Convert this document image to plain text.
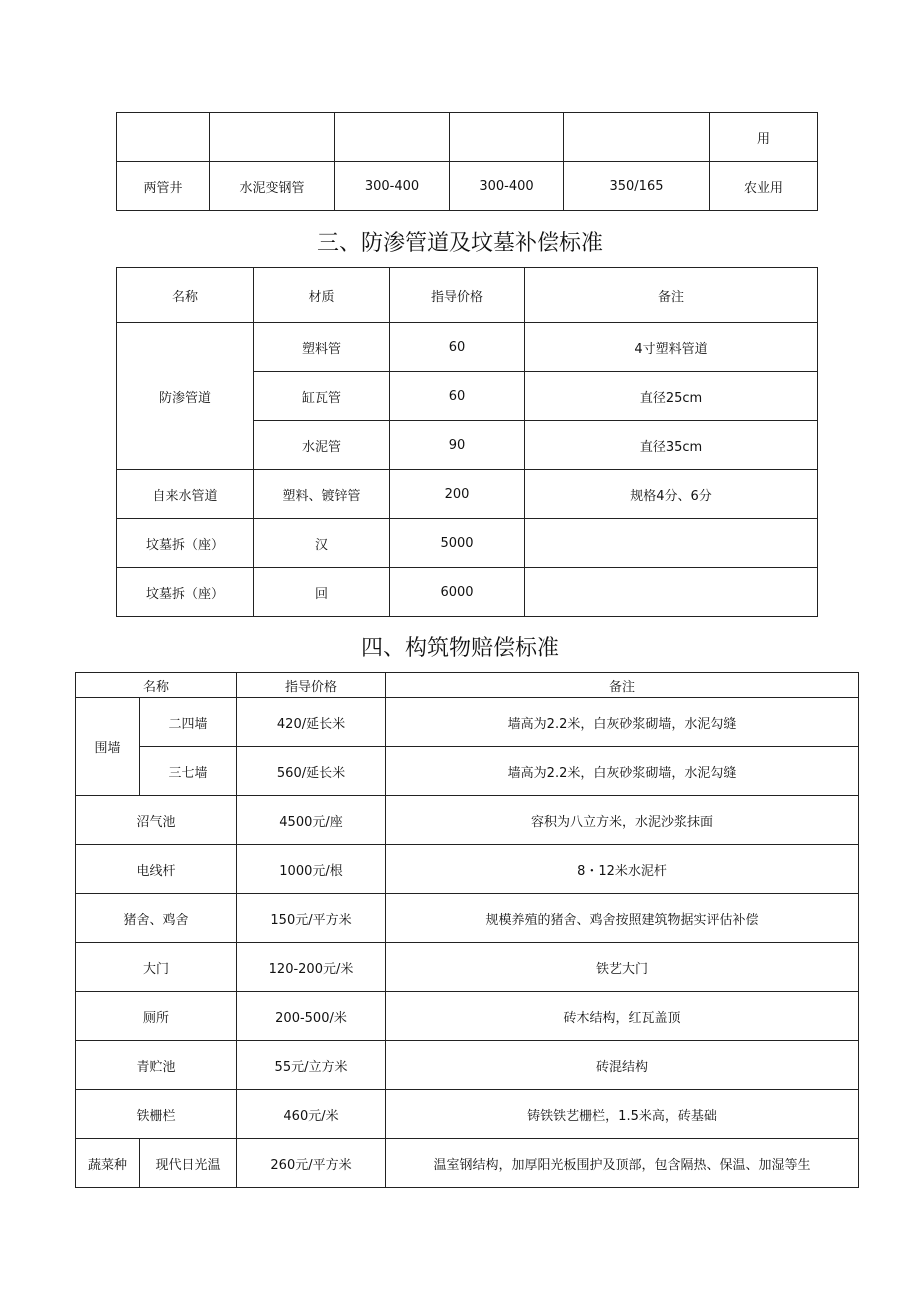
					用
两管井	水泥变钢管	300-400	300-400	350/165	农业用
三、防渗管道及坟墓补偿标准
名称	材质	指导价格	备注
防渗管道	塑料管	60	4寸塑料管道
	缸瓦管	60	直径25cm
	水泥管	90	直径35cm
自来水管道	塑料、镀锌管	200	规格4分、6分
坟墓拆（座）	汉	5000	
坟墓拆（座）	回	6000	
四、构筑物赔偿标准
名称		指导价格	备注
围墙	二四墙	420/延长米	墙高为2.2米，白灰砂浆砌墙，水泥勾缝
	三七墙	560/延长米	墙高为2.2米，白灰砂浆砌墙，水泥勾缝
沼气池		4500元/座	容积为八立方米，水泥沙浆抹面
电线杆		1000元/根	8・12米水泥杆
猪舍、鸡舍		150元/平方米	规模养殖的猪舍、鸡舍按照建筑物据实评估补偿
大门		120-200元/米	铁艺大门
厕所		200-500/米	砖木结构，红瓦盖顶
青贮池		55元/立方米	砖混结构
铁栅栏		460元/米	铸铁铁艺栅栏，1.5米高，砖基础
蔬菜种	现代日光温	260元/平方米	温室钢结构，加厚阳光板围护及顶部，包含隔热、保温、加湿等生
